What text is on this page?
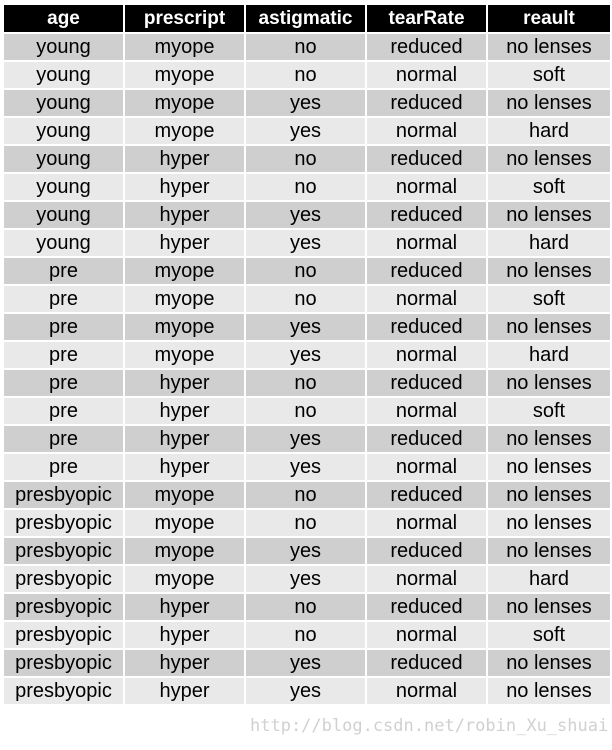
age	prescript	astigmatic	tearRate	reault
young	myope	no	reduced	no lenses
young	myope	no	normal	soft
young	myope	yes	reduced	no lenses
young	myope	yes	normal	hard
young	hyper	no	reduced	no lenses
young	hyper	no	normal	soft
young	hyper	yes	reduced	no lenses
young	hyper	yes	normal	hard
pre	myope	no	reduced	no lenses
pre	myope	no	normal	soft
pre	myope	yes	reduced	no lenses
pre	myope	yes	normal	hard
pre	hyper	no	reduced	no lenses
pre	hyper	no	normal	soft
pre	hyper	yes	reduced	no lenses
pre	hyper	yes	normal	no lenses
presbyopic	myope	no	reduced	no lenses
presbyopic	myope	no	normal	no lenses
presbyopic	myope	yes	reduced	no lenses
presbyopic	myope	yes	normal	hard
presbyopic	hyper	no	reduced	no lenses
presbyopic	hyper	no	normal	soft
presbyopic	hyper	yes	reduced	no lenses
presbyopic	hyper	yes	normal	no lenses
http://blog.csdn.net/robin_Xu_shuai
